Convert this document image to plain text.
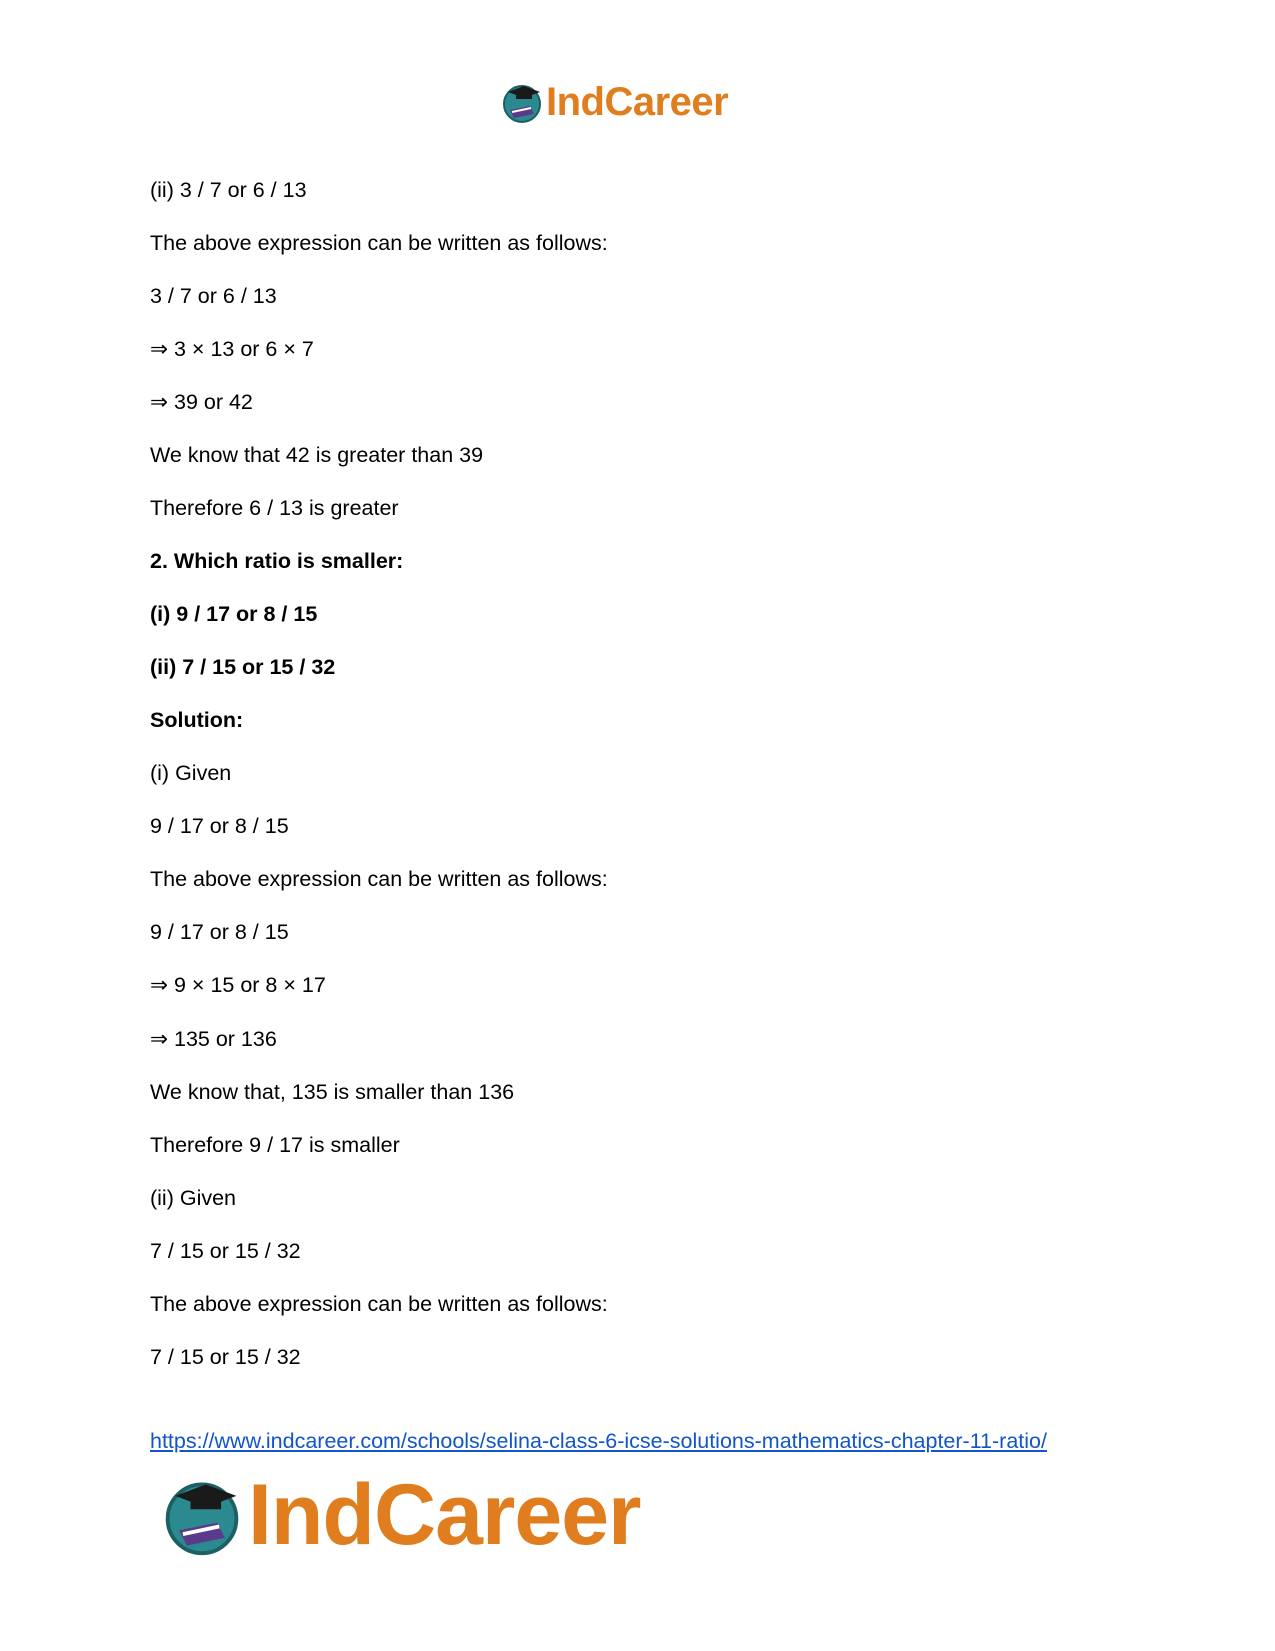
IndCareer
(ii) 3 / 7 or 6 / 13
The above expression can be written as follows:
3 / 7 or 6 / 13
⇒ 3 × 13 or 6 × 7
⇒ 39 or 42
We know that 42 is greater than 39
Therefore 6 / 13 is greater
2. Which ratio is smaller:
(i) 9 / 17 or 8 / 15
(ii) 7 / 15 or 15 / 32
Solution:
(i) Given
9 / 17 or 8 / 15
The above expression can be written as follows:
9 / 17 or 8 / 15
⇒ 9 × 15 or 8 × 17
⇒ 135 or 136
We know that, 135 is smaller than 136
Therefore 9 / 17 is smaller
(ii) Given
7 / 15 or 15 / 32
The above expression can be written as follows:
7 / 15 or 15 / 32
https://www.indcareer.com/schools/selina-class-6-icse-solutions-mathematics-chapter-11-ratio/
IndCareer
